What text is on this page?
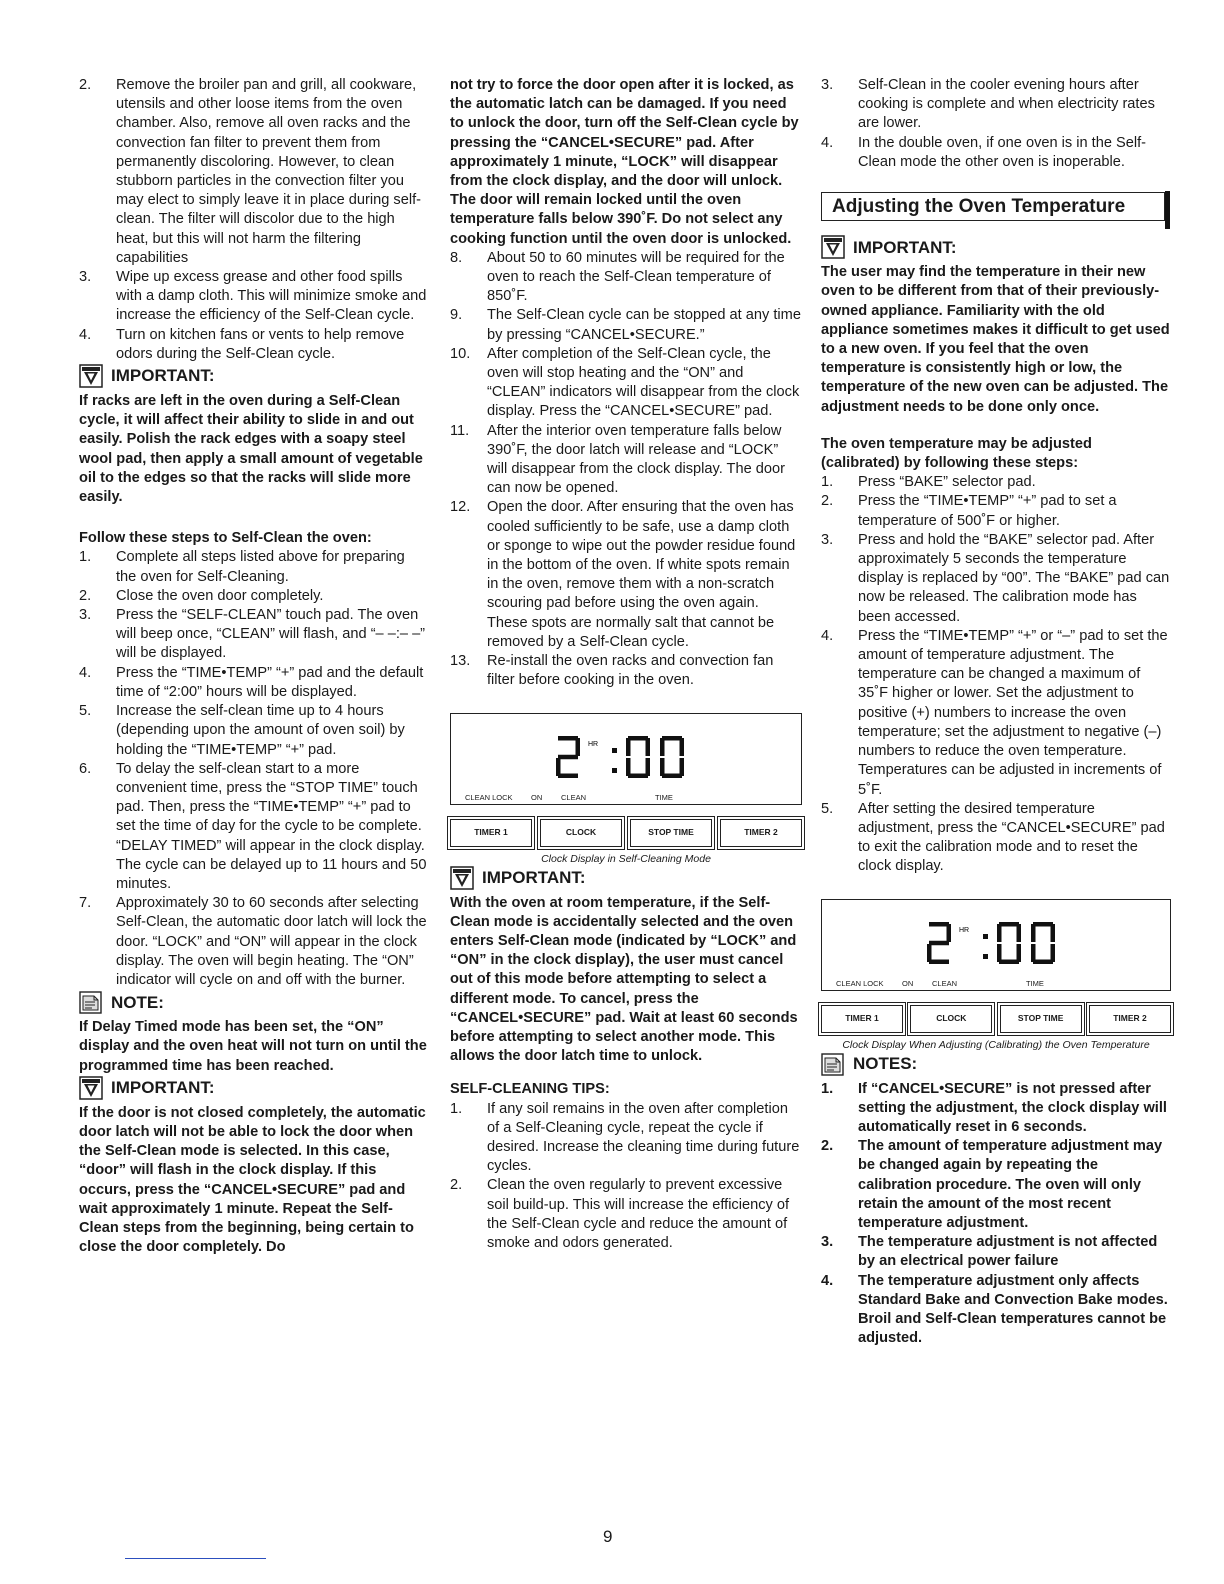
2. Remove the broiler pan and grill, all cookware, utensils and other loose items from the oven chamber. Also, remove all oven racks and the convection fan filter to prevent them from permanently discoloring. However, to clean stubborn particles in the convection filter you may elect to simply leave it in place during self-clean. The filter will discolor due to the high heat, but this will not harm the filtering capabilities
3. Wipe up excess grease and other food spills with a damp cloth. This will minimize smoke and increase the efficiency of the Self-Clean cycle.
4. Turn on kitchen fans or vents to help remove odors during the Self-Clean cycle.
IMPORTANT:
If racks are left in the oven during a Self-Clean cycle, it will affect their ability to slide in and out easily. Polish the rack edges with a soapy steel wool pad, then apply a small amount of vegetable oil to the edges so that the racks will slide more easily.
Follow these steps to Self-Clean the oven:
1. Complete all steps listed above for preparing the oven for Self-Cleaning.
2. Close the oven door completely.
3. Press the “SELF-CLEAN” touch pad. The oven will beep once, “CLEAN” will flash, and “– –:– –” will be displayed.
4. Press the “TIME•TEMP” “+” pad and the default time of “2:00” hours will be displayed.
5. Increase the self-clean time up to 4 hours (depending upon the amount of oven soil) by holding the “TIME•TEMP” “+” pad.
6. To delay the self-clean start to a more convenient time, press the “STOP TIME” touch pad. Then, press the “TIME•TEMP” “+” pad to set the time of day for the cycle to be complete. “DELAY TIMED” will appear in the clock display. The cycle can be delayed up to 11 hours and 50 minutes.
7. Approximately 30 to 60 seconds after selecting Self-Clean, the automatic door latch will lock the door. “LOCK” and “ON” will appear in the clock display. The oven will begin heating. The “ON” indicator will cycle on and off with the burner.
NOTE:
If Delay Timed mode has been set, the “ON” display and the oven heat will not turn on until the programmed time has been reached.
IMPORTANT:
If the door is not closed completely, the automatic door latch will not be able to lock the door when the Self-Clean mode is selected. In this case, “door” will flash in the clock display. If this occurs, press the “CANCEL•SECURE” pad and wait approximately 1 minute. Repeat the Self-Clean steps from the beginning, being certain to close the door completely. Do
not try to force the door open after it is locked, as the automatic latch can be damaged. If you need to unlock the door, turn off the Self-Clean cycle by pressing the “CANCEL•SECURE” pad. After approximately 1 minute, “LOCK” will disappear from the clock display, and the door will unlock. The door will remain locked until the oven temperature falls below 390˚F. Do not select any cooking function until the oven door is unlocked.
8. About 50 to 60 minutes will be required for the oven to reach the Self-Clean temperature of 850˚F.
9. The Self-Clean cycle can be stopped at any time by pressing “CANCEL•SECURE.”
10. After completion of the Self-Clean cycle, the oven will stop heating and the “ON” and “CLEAN” indicators will disappear from the clock display. Press the “CANCEL•SECURE” pad.
11. After the interior oven temperature falls below 390˚F, the door latch will release and “LOCK” will disappear from the clock display. The door can now be opened.
12. Open the door. After ensuring that the oven has cooled sufficiently to be safe, use a damp cloth or sponge to wipe out the powder residue found in the bottom of the oven. If white spots remain in the oven, remove them with a non-scratch scouring pad before using the oven again. These spots are normally salt that cannot be removed by a Self-Clean cycle.
13. Re-install the oven racks and convection fan filter before cooking in the oven.
HR
CLEAN LOCK ON	CLEAN	TIME
TIMER 1	CLOCK	STOP TIME	TIMER 2
Clock Display in Self-Cleaning Mode
IMPORTANT:
With the oven at room temperature, if the Self-Clean mode is accidentally selected and the oven enters Self-Clean mode (indicated by “LOCK” and “ON” in the clock display), the user must cancel out of this mode before attempting to select a different mode. To cancel, press the “CANCEL•SECURE” pad. Wait at least 60 seconds before attempting to select another mode. This allows the door latch time to unlock.
SELF-CLEANING TIPS:
1. If any soil remains in the oven after completion of a Self-Cleaning cycle, repeat the cycle if desired. Increase the cleaning time during future cycles.
2. Clean the oven regularly to prevent excessive soil build-up. This will increase the efficiency of the Self-Clean cycle and reduce the amount of smoke and odors generated.
3. Self-Clean in the cooler evening hours after cooking is complete and when electricity rates are lower.
4. In the double oven, if one oven is in the Self-Clean mode the other oven is inoperable.
Adjusting the Oven Temperature
IMPORTANT:
The user may find the temperature in their new oven to be different from that of their previously-owned appliance. Familiarity with the old appliance sometimes makes it difficult to get used to a new oven. If you feel that the oven temperature is consistently high or low, the temperature of the new oven can be adjusted. The adjustment needs to be done only once.
The oven temperature may be adjusted (calibrated) by following these steps:
1. Press “BAKE” selector pad.
2. Press the “TIME•TEMP” “+” pad to set a temperature of 500˚F or higher.
3. Press and hold the “BAKE” selector pad. After approximately 5 seconds the temperature display is replaced by “00”. The “BAKE” pad can now be released. The calibration mode has been accessed.
4. Press the “TIME•TEMP” “+” or “–” pad to set the amount of temperature adjustment. The temperature can be changed a maximum of 35˚F higher or lower. Set the adjustment to positive (+) numbers to increase the oven temperature; set the adjustment to negative (–) numbers to reduce the oven temperature. Temperatures can be adjusted in increments of 5˚F.
5. After setting the desired temperature adjustment, press the “CANCEL•SECURE” pad to exit the calibration mode and to reset the clock display.
HR
CLEAN LOCK ON	CLEAN	TIME
TIMER 1	CLOCK	STOP TIME	TIMER 2
Clock Display When Adjusting (Calibrating) the Oven Temperature
NOTES:
1. If “CANCEL•SECURE” is not pressed after setting the adjustment, the clock display will automatically reset in 6 seconds.
2. The amount of temperature adjustment may be changed again by repeating the calibration procedure. The oven will only retain the amount of the most recent temperature adjustment.
3. The temperature adjustment is not affected by an electrical power failure
4. The temperature adjustment only affects Standard Bake and Convection Bake modes. Broil and Self-Clean temperatures cannot be adjusted.
9
